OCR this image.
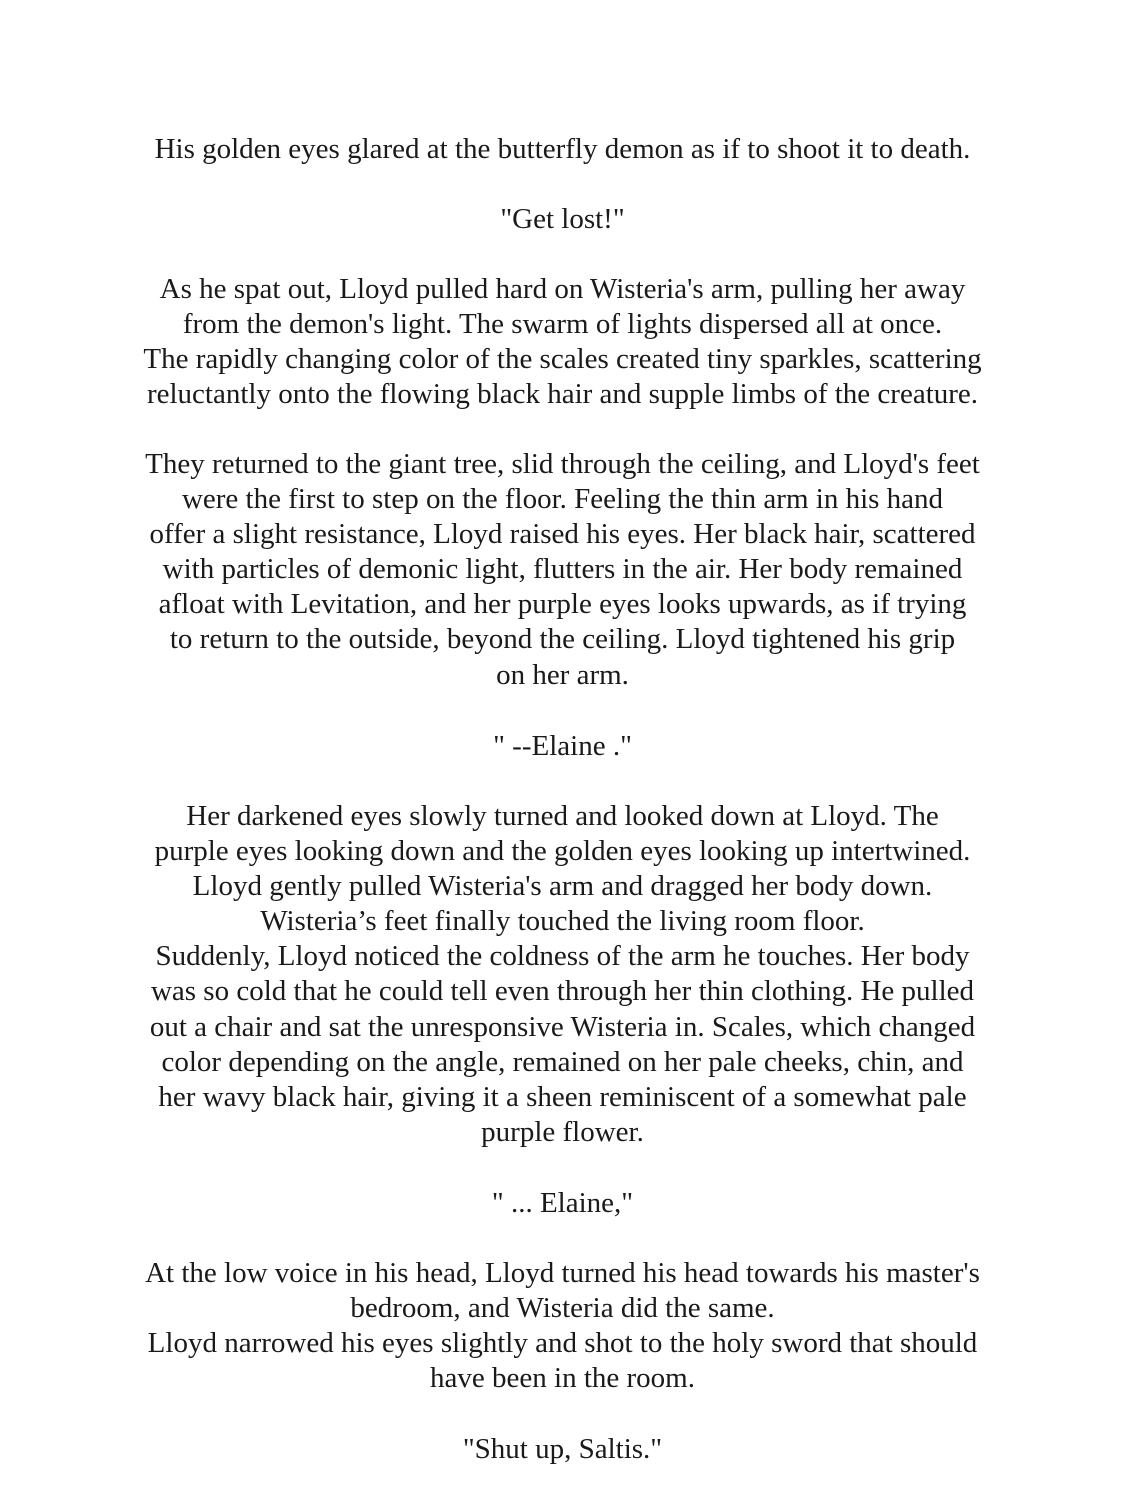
His golden eyes glared at the butterfly demon as if to shoot it to death.

"Get lost!"

As he spat out, Lloyd pulled hard on Wisteria's arm, pulling her away
from the demon's light. The swarm of lights dispersed all at once.
The rapidly changing color of the scales created tiny sparkles, scattering
reluctantly onto the flowing black hair and supple limbs of the creature.

They returned to the giant tree, slid through the ceiling, and Lloyd's feet
were the first to step on the floor. Feeling the thin arm in his hand
offer a slight resistance, Lloyd raised his eyes. Her black hair, scattered
with particles of demonic light, flutters in the air. Her body remained
afloat with Levitation, and her purple eyes looks upwards, as if trying
to return to the outside, beyond the ceiling. Lloyd tightened his grip
on her arm.

" --Elaine ."

Her darkened eyes slowly turned and looked down at Lloyd. The
purple eyes looking down and the golden eyes looking up intertwined.
Lloyd gently pulled Wisteria's arm and dragged her body down.
Wisteria’s feet finally touched the living room floor.
Suddenly, Lloyd noticed the coldness of the arm he touches. Her body
was so cold that he could tell even through her thin clothing. He pulled
out a chair and sat the unresponsive Wisteria in. Scales, which changed
color depending on the angle, remained on her pale cheeks, chin, and
her wavy black hair, giving it a sheen reminiscent of a somewhat pale
purple flower.

" ... Elaine,"

At the low voice in his head, Lloyd turned his head towards his master's
bedroom, and Wisteria did the same.
Lloyd narrowed his eyes slightly and shot to the holy sword that should
have been in the room.

"Shut up, Saltis."
